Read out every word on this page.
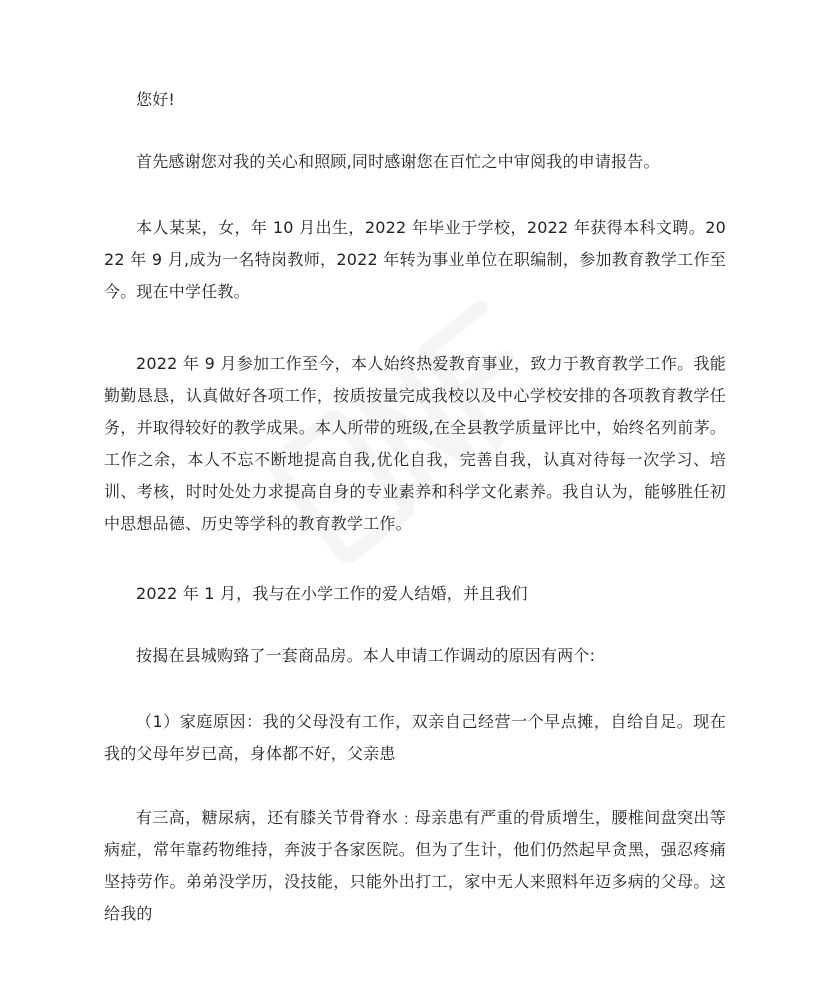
您好!

首先感谢您对我的关心和照顾,同时感谢您在百忙之中审阅我的申请报告。

本人某某，女，年 10 月出生，2022 年毕业于学校，2022 年获得本科文聘。2022 年 9 月,成为一名特岗教师，2022 年转为事业单位在职编制，参加教育教学工作至今。现在中学任教。

2022 年 9 月参加工作至今，本人始终热爱教育事业，致力于教育教学工作。我能勤勤恳恳，认真做好各项工作，按质按量完成我校以及中心学校安排的各项教育教学任务，并取得较好的教学成果。本人所带的班级,在全县教学质量评比中，始终名列前茅。工作之余，本人不忘不断地提高自我,优化自我，完善自我，认真对待每一次学习、培训、考核，时时处处力求提高自身的专业素养和科学文化素养。我自认为，能够胜任初中思想品德、历史等学科的教育教学工作。

2022 年 1 月，我与在小学工作的爱人结婚，并且我们

按揭在县城购臵了一套商品房。本人申请工作调动的原因有两个:

（1）家庭原因：我的父母没有工作，双亲自己经营一个早点摊，自给自足。现在我的父母年岁已高，身体都不好，父亲患

有三高，糖尿病，还有膝关节骨脊水﹕母亲患有严重的骨质增生，腰椎间盘突出等病症，常年靠药物维持，奔波于各家医院。但为了生计，他们仍然起早贪黑，强忍疼痛坚持劳作。弟弟没学历，没技能，只能外出打工，家中无人来照料年迈多病的父母。这给我的
